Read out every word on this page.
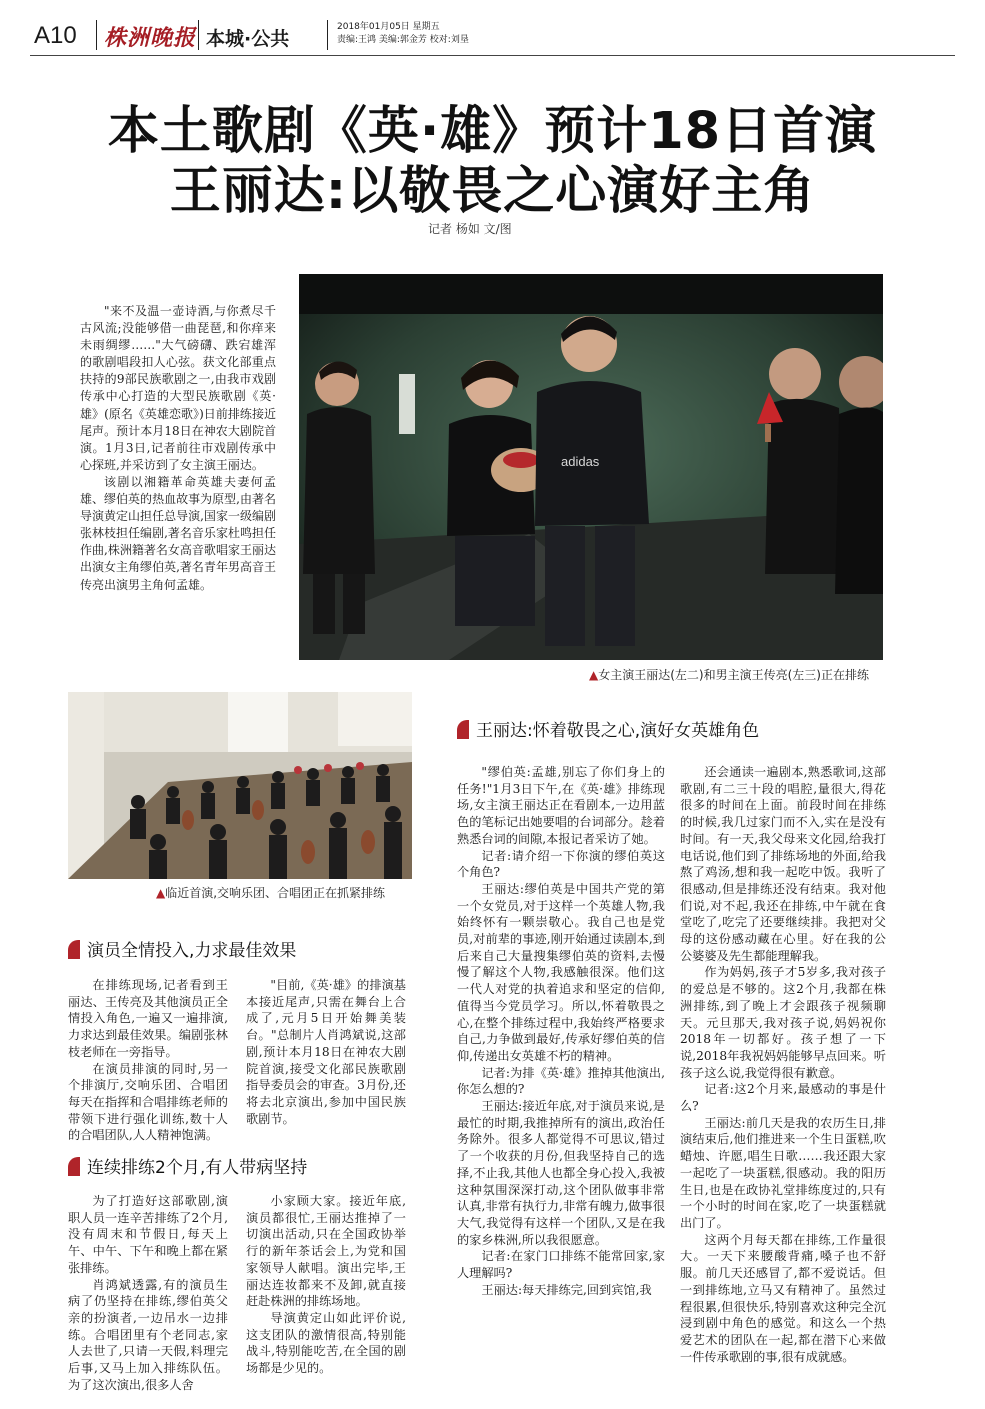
A10 株洲晚报 本城·公共
2018年01月05日 星期五
责编:王鸿 美编:郭金芳 校对:刘垦
本土歌剧《英·雄》预计18日首演
王丽达:以敬畏之心演好主角
记者 杨如 文/图

"来不及温一壶诗酒,与你煮尽千古风流;没能够借一曲琵琶,和你痒来未雨绸缪……"大气磅礴、跌宕雄浑的歌剧唱段扣人心弦。获文化部重点扶持的9部民族歌剧之一,由我市戏剧传承中心打造的大型民族歌剧《英·雄》(原名《英雄恋歌》)日前排练接近尾声。预计本月18日在神农大剧院首演。1月3日,记者前往市戏剧传承中心探班,并采访到了女主演王丽达。

该剧以湘籍革命英雄夫妻何孟雄、缪伯英的热血故事为原型,由著名导演黄定山担任总导演,国家一级编剧张林枝担任编剧,著名音乐家杜鸣担任作曲,株洲籍著名女高音歌唱家王丽达出演女主角缪伯英,著名青年男高音王传亮出演男主角何孟雄。

adidas
▲女主演王丽达(左二)和男主演王传亮(左三)正在排练
▲临近首演,交响乐团、合唱团正在抓紧排练
演员全情投入,力求最佳效果

在排练现场,记者看到王丽达、王传亮及其他演员正全情投入角色,一遍又一遍排演,力求达到最佳效果。编剧张林枝老师在一旁指导。

在演员排演的同时,另一个排演厅,交响乐团、合唱团每天在指挥和合唱排练老师的带领下进行强化训练,数十人的合唱团队,人人精神饱满。

"目前,《英·雄》的排演基本接近尾声,只需在舞台上合成了,元月5日开始舞美装台。"总制片人肖鸿斌说,这部剧,预计本月18日在神农大剧院首演,接受文化部民族歌剧指导委员会的审查。3月份,还将去北京演出,参加中国民族歌剧节。

连续排练2个月,有人带病坚持

为了打造好这部歌剧,演职人员一连辛苦排练了2个月,没有周末和节假日,每天上午、中午、下午和晚上都在紧张排练。

肖鸿斌透露,有的演员生病了仍坚持在排练,缪伯英父亲的扮演者,一边吊水一边排练。合唱团里有个老同志,家人去世了,只请一天假,料理完后事,又马上加入排练队伍。为了这次演出,很多人舍

小家顾大家。接近年底,演员都很忙,王丽达推掉了一切演出活动,只在全国政协举行的新年茶话会上,为党和国家领导人献唱。演出完毕,王丽达连妆都来不及卸,就直接赶赴株洲的排练场地。

导演黄定山如此评价说,这支团队的激情很高,特别能战斗,特别能吃苦,在全国的剧场都是少见的。

王丽达:怀着敬畏之心,演好女英雄角色

"缪伯英:孟雄,别忘了你们身上的任务!"1月3日下午,在《英·雄》排练现场,女主演王丽达正在看剧本,一边用蓝色的笔标记出她要唱的台词部分。趁着熟悉台词的间隙,本报记者采访了她。

记者:请介绍一下你演的缪伯英这个角色?

王丽达:缪伯英是中国共产党的第一个女党员,对于这样一个英雄人物,我始终怀有一颗崇敬心。我自己也是党员,对前辈的事迹,刚开始通过读剧本,到后来自己大量搜集缪伯英的资料,去慢慢了解这个人物,我感触很深。他们这一代人对党的执着追求和坚定的信仰,值得当今党员学习。所以,怀着敬畏之心,在整个排练过程中,我始终严格要求自己,力争做到最好,传承好缪伯英的信仰,传递出女英雄不朽的精神。

记者:为排《英·雄》推掉其他演出,你怎么想的?

王丽达:接近年底,对于演员来说,是最忙的时期,我推掉所有的演出,政治任务除外。很多人都觉得不可思议,错过了一个收获的月份,但我坚持自己的选择,不止我,其他人也都全身心投入,我被这种氛围深深打动,这个团队做事非常认真,非常有执行力,非常有魄力,做事很大气,我觉得有这样一个团队,又是在我的家乡株洲,所以我很愿意。

记者:在家门口排练不能常回家,家人理解吗?

王丽达:每天排练完,回到宾馆,我

还会通读一遍剧本,熟悉歌词,这部歌剧,有二三十段的唱腔,量很大,得花很多的时间在上面。前段时间在排练的时候,我几过家门而不入,实在是没有时间。有一天,我父母来文化园,给我打电话说,他们到了排练场地的外面,给我熬了鸡汤,想和我一起吃中饭。我听了很感动,但是排练还没有结束。我对他们说,对不起,我还在排练,中午就在食堂吃了,吃完了还要继续排。我把对父母的这份感动藏在心里。好在我的公公婆婆及先生都能理解我。

作为妈妈,孩子才5岁多,我对孩子的爱总是不够的。这2个月,我都在株洲排练,到了晚上才会跟孩子视频聊天。元旦那天,我对孩子说,妈妈祝你2018年一切都好。孩子想了一下说,2018年我祝妈妈能够早点回来。听孩子这么说,我觉得很有歉意。

记者:这2个月来,最感动的事是什么?

王丽达:前几天是我的农历生日,排演结束后,他们推进来一个生日蛋糕,吹蜡烛、许愿,唱生日歌……我还跟大家一起吃了一块蛋糕,很感动。我的阳历生日,也是在政协礼堂排练度过的,只有一个小时的时间在家,吃了一块蛋糕就出门了。

这两个月每天都在排练,工作量很大。一天下来腰酸背痛,嗓子也不舒服。前几天还感冒了,都不爱说话。但一到排练地,立马又有精神了。虽然过程很累,但很快乐,特别喜欢这种完全沉浸到剧中角色的感觉。和这么一个热爱艺术的团队在一起,都在潜下心来做一件传承歌剧的事,很有成就感。
